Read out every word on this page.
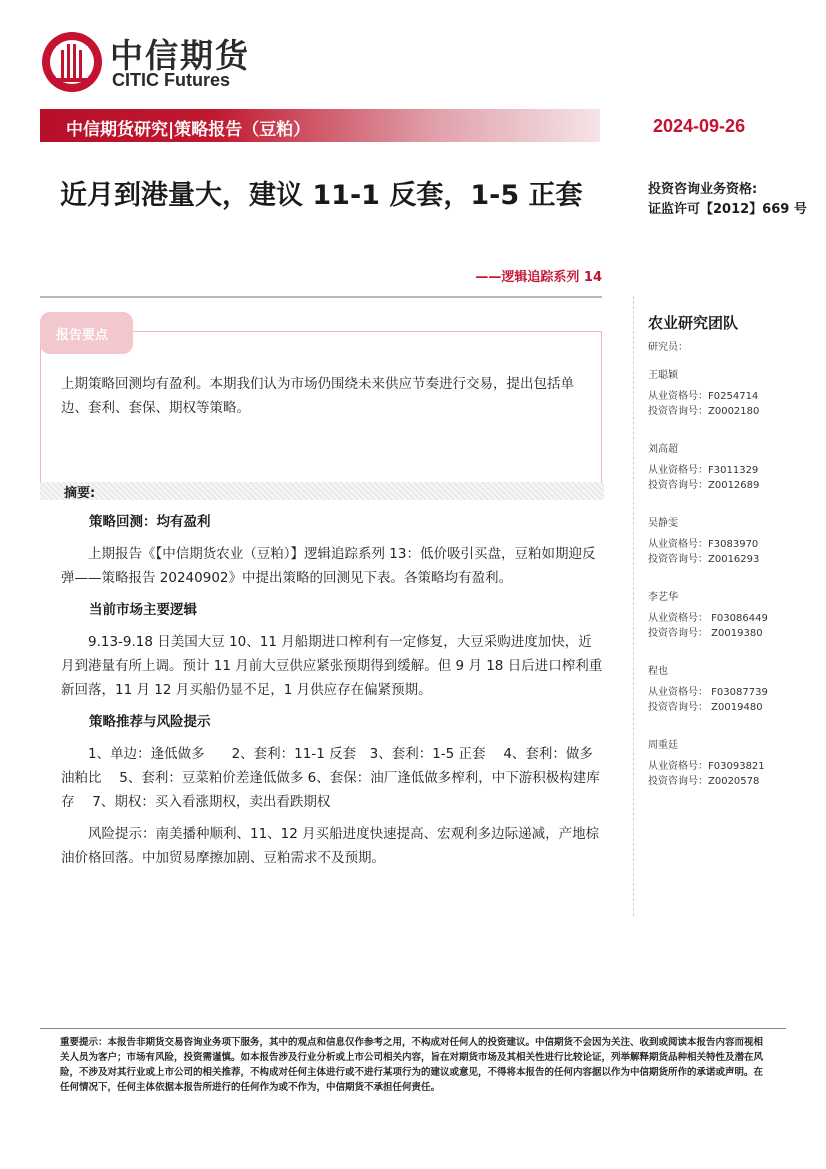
中信期货
CITIC Futures
中信期货研究|策略报告（豆粕）	2024-09-26
近月到港量大，建议 11-1 反套，1-5 正套
——逻辑追踪系列 14
投资咨询业务资格:
证监许可【2012】669 号
报告要点
上期策略回测均有盈利。本期我们认为市场仍围绕未来供应节奏进行交易，提出包括单边、套利、套保、期权等策略。
摘要:
策略回测：均有盈利
上期报告《【中信期货农业（豆粕）】逻辑追踪系列 13：低价吸引买盘，豆粕如期迎反弹——策略报告 20240902》中提出策略的回测见下表。各策略均有盈利。
当前市场主要逻辑
9.13-9.18 日美国大豆 10、11 月船期进口榨利有一定修复，大豆采购进度加快，近月到港量有所上调。预计 11 月前大豆供应紧张预期得到缓解。但 9 月 18 日后进口榨利重新回落，11 月 12 月买船仍显不足，1 月供应存在偏紧预期。
策略推荐与风险提示
1、单边：逢低做多　　2、套利：11-1 反套　3、套利：1-5 正套　 4、套利：做多油粕比　 5、套利：豆菜粕价差逢低做多 6、套保：油厂逢低做多榨利，中下游积极构建库存　 7、期权：买入看涨期权，卖出看跌期权
风险提示：南美播种顺利、11、12 月买船进度快速提高、宏观利多边际递减，产地棕油价格回落。中加贸易摩擦加剧、豆粕需求不及预期。
农业研究团队
研究员：
王聪颖
从业资格号：F0254714
投资咨询号：Z0002180
刘高超
从业资格号：F3011329
投资咨询号：Z0012689
吴静雯
从业资格号：F3083970
投资咨询号：Z0016293
李艺华
从业资格号： F03086449
投资咨询号： Z0019380
程也
从业资格号： F03087739
投资咨询号： Z0019480
周重廷
从业资格号：F03093821
投资咨询号：Z0020578
重要提示：本报告非期货交易咨询业务项下服务，其中的观点和信息仅作参考之用，不构成对任何人的投资建议。中信期货不会因为关注、收到或阅读本报告内容而视相关人员为客户；市场有风险，投资需谨慎。如本报告涉及行业分析或上市公司相关内容，旨在对期货市场及其相关性进行比较论证，列举解释期货品种相关特性及潜在风险，不涉及对其行业或上市公司的相关推荐，不构成对任何主体进行或不进行某项行为的建议或意见，不得将本报告的任何内容据以作为中信期货所作的承诺或声明。在任何情况下，任何主体依据本报告所进行的任何作为或不作为，中信期货不承担任何责任。
